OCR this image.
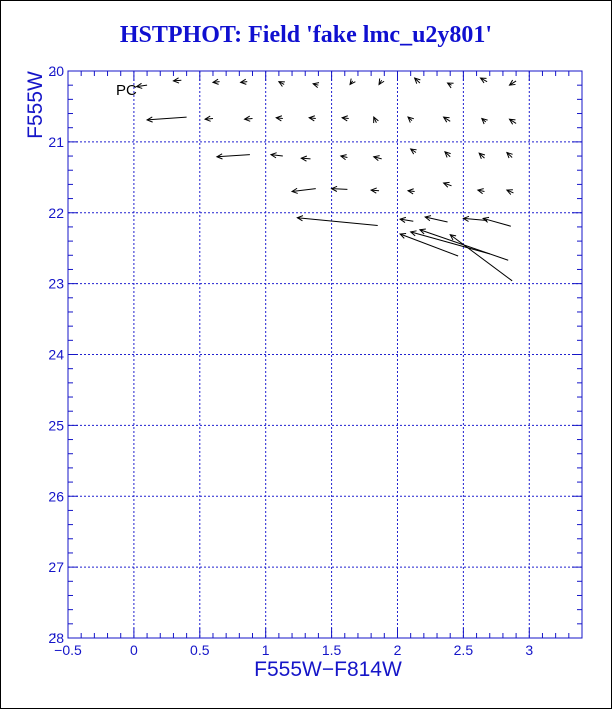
HSTPHOT: Field 'fake lmc_u2y801'
−0.5	0	0.5	1	1.5	2	2.5	3
20
21
22
23
24
25
26
27
28
PC
F555W−F814W
F555W
